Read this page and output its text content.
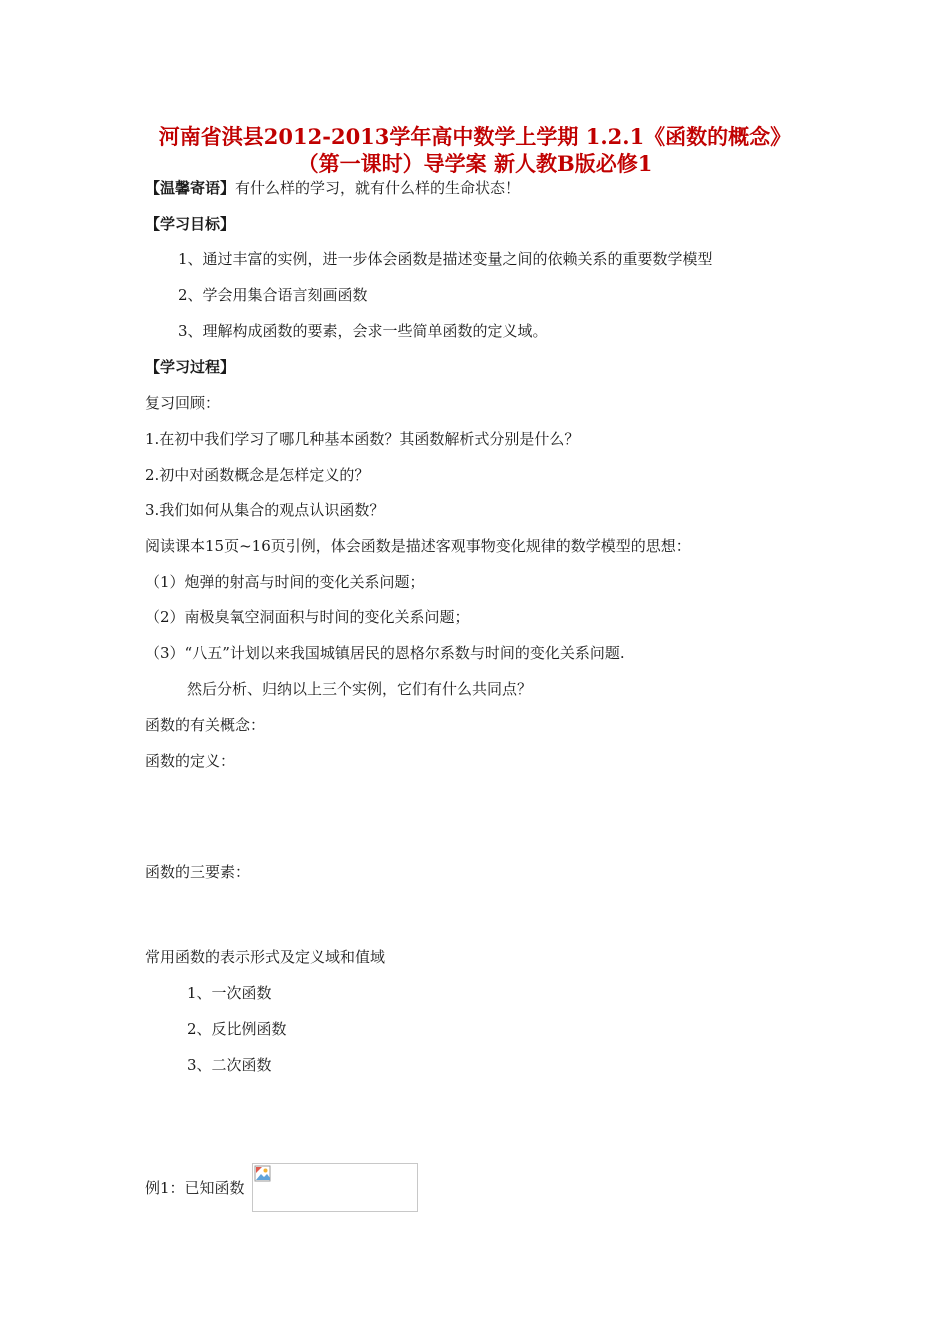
河南省淇县2012-2013学年高中数学上学期 1.2.1《函数的概念》
（第一课时）导学案 新人教B版必修1
【温馨寄语】有什么样的学习，就有什么样的生命状态！
【学习目标】
1、通过丰富的实例，进一步体会函数是描述变量之间的依赖关系的重要数学模型
2、学会用集合语言刻画函数
3、理解构成函数的要素，会求一些简单函数的定义域。
【学习过程】
复习回顾：
1.在初中我们学习了哪几种基本函数？其函数解析式分别是什么？
2.初中对函数概念是怎样定义的？
3.我们如何从集合的观点认识函数？
阅读课本15页~16页引例，体会函数是描述客观事物变化规律的数学模型的思想：
（1）炮弹的射高与时间的变化关系问题；
（2）南极臭氧空洞面积与时间的变化关系问题；
（3）“八五”计划以来我国城镇居民的恩格尔系数与时间的变化关系问题.
然后分析、归纳以上三个实例，它们有什么共同点？
函数的有关概念：
函数的定义：
函数的三要素：
常用函数的表示形式及定义域和值域
1、一次函数
2、反比例函数
3、二次函数
例1：已知函数
